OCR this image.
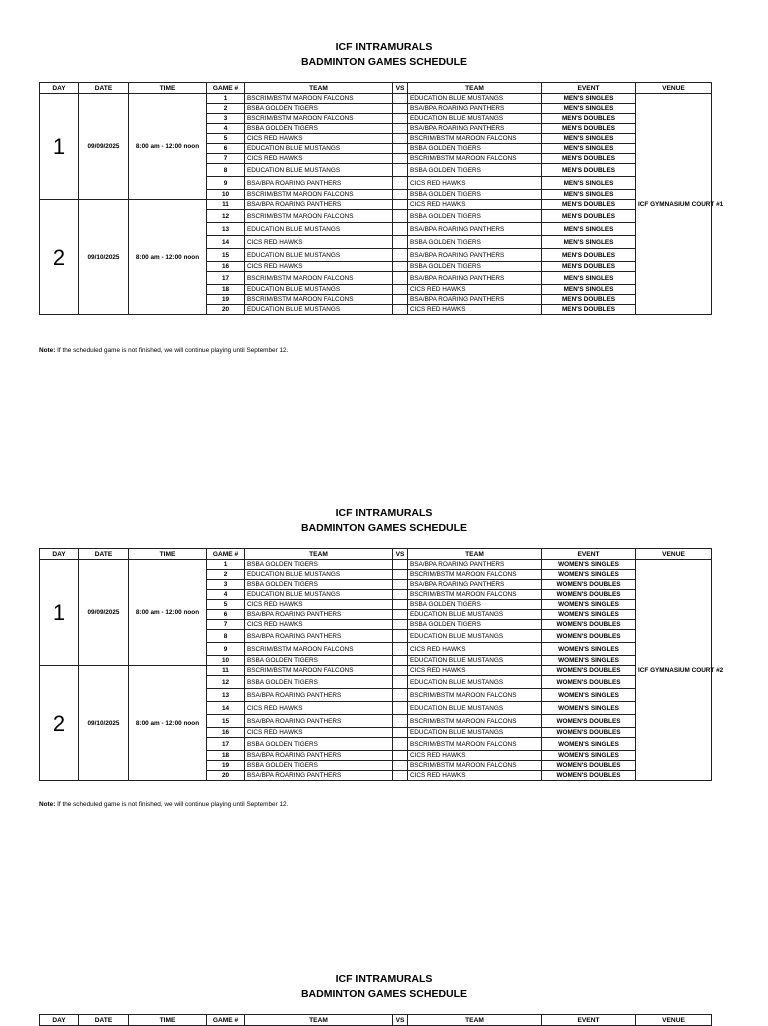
ICF INTRAMURALS
BADMINTON GAMES SCHEDULE
DAY	DATE	TIME	GAME #	TEAM	VS	TEAM	EVENT	VENUE
1	09/09/2025	8:00 am - 12:00 noon	1	BSCRIM/BSTM MAROON FALCONS		EDUCATION BLUE MUSTANGS	MEN'S SINGLES	ICF GYMNASIUM COURT #1
			2	BSBA GOLDEN TIGERS		BSA/BPA ROARING PANTHERS	MEN'S SINGLES	
			3	BSCRIM/BSTM MAROON FALCONS		EDUCATION BLUE MUSTANGS	MEN'S DOUBLES	
			4	BSBA GOLDEN TIGERS		BSA/BPA ROARING PANTHERS	MEN'S DOUBLES	
			5	CICS RED HAWKS		BSCRIM/BSTM MAROON FALCONS	MEN'S SINGLES	
			6	EDUCATION BLUE MUSTANGS		BSBA GOLDEN TIGERS	MEN'S SINGLES	
			7	CICS RED HAWKS		BSCRIM/BSTM MAROON FALCONS	MEN'S DOUBLES	
			8	EDUCATION BLUE MUSTANGS		BSBA GOLDEN TIGERS	MEN'S DOUBLES	
			9	BSA/BPA ROARING PANTHERS		CICS RED HAWKS	MEN'S SINGLES	
			10	BSCRIM/BSTM MAROON FALCONS		BSBA GOLDEN TIGERS	MEN'S SINGLES	
2	09/10/2025	8:00 am - 12:00 noon	11	BSA/BPA ROARING PANTHERS		CICS RED HAWKS	MEN'S DOUBLES	
			12	BSCRIM/BSTM MAROON FALCONS		BSBA GOLDEN TIGERS	MEN'S DOUBLES	
			13	EDUCATION BLUE MUSTANGS		BSA/BPA ROARING PANTHERS	MEN'S SINGLES	
			14	CICS RED HAWKS		BSBA GOLDEN TIGERS	MEN'S SINGLES	
			15	EDUCATION BLUE MUSTANGS		BSA/BPA ROARING PANTHERS	MEN'S DOUBLES	
			16	CICS RED HAWKS		BSBA GOLDEN TIGERS	MEN'S DOUBLES	
			17	BSCRIM/BSTM MAROON FALCONS		BSA/BPA ROARING PANTHERS	MEN'S SINGLES	
			18	EDUCATION BLUE MUSTANGS		CICS RED HAWKS	MEN'S SINGLES	
			19	BSCRIM/BSTM MAROON FALCONS		BSA/BPA ROARING PANTHERS	MEN'S DOUBLES	
			20	EDUCATION BLUE MUSTANGS		CICS RED HAWKS	MEN'S DOUBLES	
Note: If the scheduled game is not finished, we will continue playing until September 12.
ICF INTRAMURALS
BADMINTON GAMES SCHEDULE
DAY	DATE	TIME	GAME #	TEAM	VS	TEAM	EVENT	VENUE
1	09/09/2025	8:00 am - 12:00 noon	1	BSBA GOLDEN TIGERS		BSA/BPA ROARING PANTHERS	WOMEN'S SINGLES	ICF GYMNASIUM COURT #2
			2	EDUCATION BLUE MUSTANGS		BSCRIM/BSTM MAROON FALCONS	WOMEN'S SINGLES	
			3	BSBA GOLDEN TIGERS		BSA/BPA ROARING PANTHERS	WOMEN'S DOUBLES	
			4	EDUCATION BLUE MUSTANGS		BSCRIM/BSTM MAROON FALCONS	WOMEN'S DOUBLES	
			5	CICS RED HAWKS		BSBA GOLDEN TIGERS	WOMEN'S SINGLES	
			6	BSA/BPA ROARING PANTHERS		EDUCATION BLUE MUSTANGS	WOMEN'S SINGLES	
			7	CICS RED HAWKS		BSBA GOLDEN TIGERS	WOMEN'S DOUBLES	
			8	BSA/BPA ROARING PANTHERS		EDUCATION BLUE MUSTANGS	WOMEN'S DOUBLES	
			9	BSCRIM/BSTM MAROON FALCONS		CICS RED HAWKS	WOMEN'S SINGLES	
			10	BSBA GOLDEN TIGERS		EDUCATION BLUE MUSTANGS	WOMEN'S SINGLES	
2	09/10/2025	8:00 am - 12:00 noon	11	BSCRIM/BSTM MAROON FALCONS		CICS RED HAWKS	WOMEN'S DOUBLES	
			12	BSBA GOLDEN TIGERS		EDUCATION BLUE MUSTANGS	WOMEN'S DOUBLES	
			13	BSA/BPA ROARING PANTHERS		BSCRIM/BSTM MAROON FALCONS	WOMEN'S SINGLES	
			14	CICS RED HAWKS		EDUCATION BLUE MUSTANGS	WOMEN'S SINGLES	
			15	BSA/BPA ROARING PANTHERS		BSCRIM/BSTM MAROON FALCONS	WOMEN'S DOUBLES	
			16	CICS RED HAWKS		EDUCATION BLUE MUSTANGS	WOMEN'S DOUBLES	
			17	BSBA GOLDEN TIGERS		BSCRIM/BSTM MAROON FALCONS	WOMEN'S SINGLES	
			18	BSA/BPA ROARING PANTHERS		CICS RED HAWKS	WOMEN'S SINGLES	
			19	BSBA GOLDEN TIGERS		BSCRIM/BSTM MAROON FALCONS	WOMEN'S DOUBLES	
			20	BSA/BPA ROARING PANTHERS		CICS RED HAWKS	WOMEN'S DOUBLES	
Note: If the scheduled game is not finished, we will continue playing until September 12.
ICF INTRAMURALS
BADMINTON GAMES SCHEDULE
DAY	DATE	TIME	GAME #	TEAM	VS	TEAM	EVENT	VENUE
